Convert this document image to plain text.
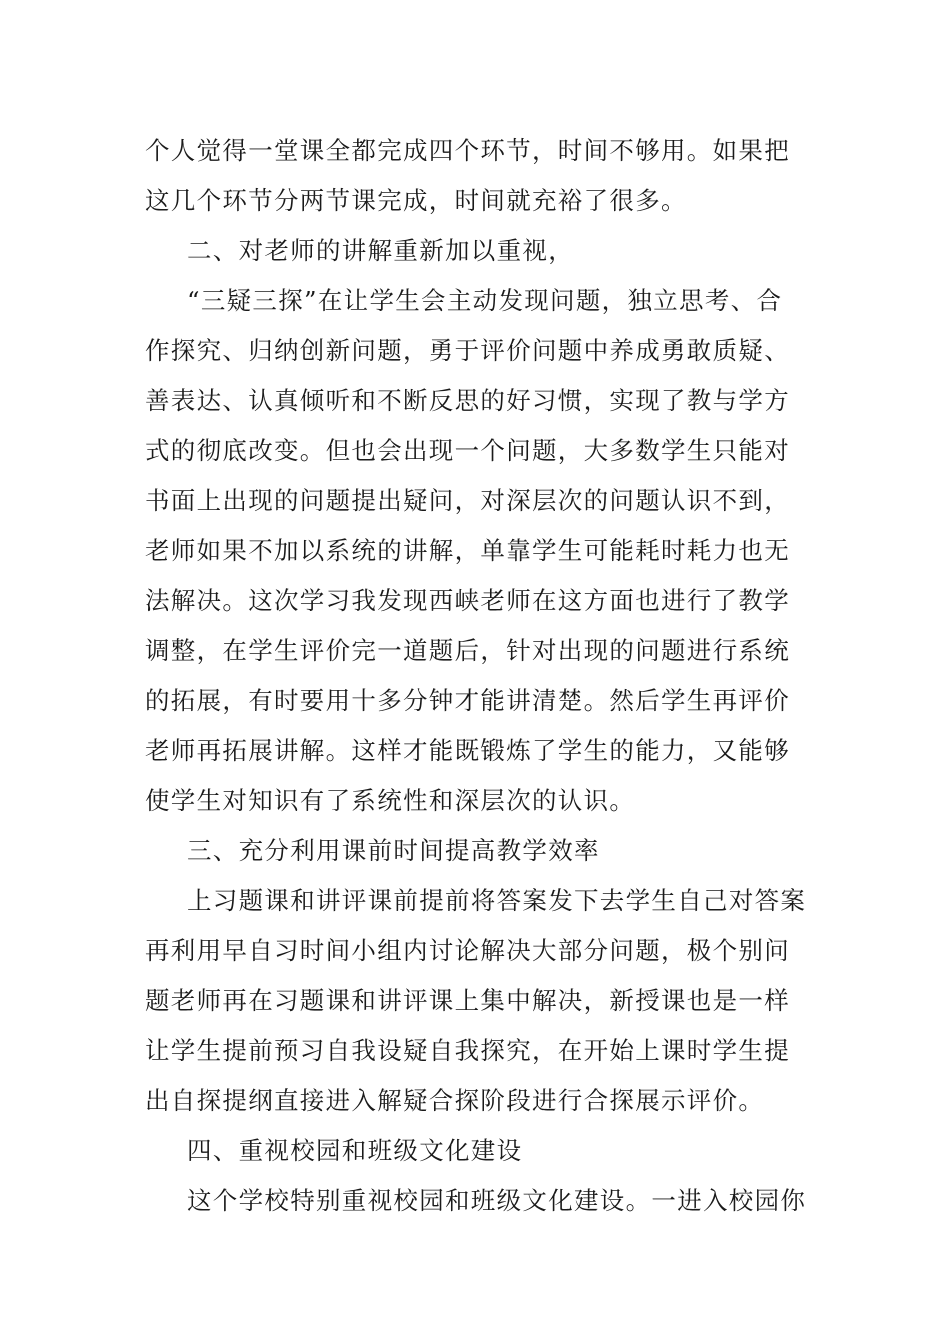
个人觉得一堂课全都完成四个环节，时间不够用。如果把
这几个环节分两节课完成，时间就充裕了很多。
二、对老师的讲解重新加以重视，
“三疑三探”在让学生会主动发现问题，独立思考、合
作探究、归纳创新问题，勇于评价问题中养成勇敢质疑、
善表达、认真倾听和不断反思的好习惯，实现了教与学方
式的彻底改变。但也会出现一个问题，大多数学生只能对
书面上出现的问题提出疑问，对深层次的问题认识不到，
老师如果不加以系统的讲解，单靠学生可能耗时耗力也无
法解决。这次学习我发现西峡老师在这方面也进行了教学
调整，在学生评价完一道题后，针对出现的问题进行系统
的拓展，有时要用十多分钟才能讲清楚。然后学生再评价
老师再拓展讲解。这样才能既锻炼了学生的能力，又能够
使学生对知识有了系统性和深层次的认识。
三、充分利用课前时间提高教学效率
上习题课和讲评课前提前将答案发下去学生自己对答案
再利用早自习时间小组内讨论解决大部分问题，极个别问
题老师再在习题课和讲评课上集中解决，新授课也是一样
让学生提前预习自我设疑自我探究，在开始上课时学生提
出自探提纲直接进入解疑合探阶段进行合探展示评价。
四、重视校园和班级文化建设
这个学校特别重视校园和班级文化建设。一进入校园你
